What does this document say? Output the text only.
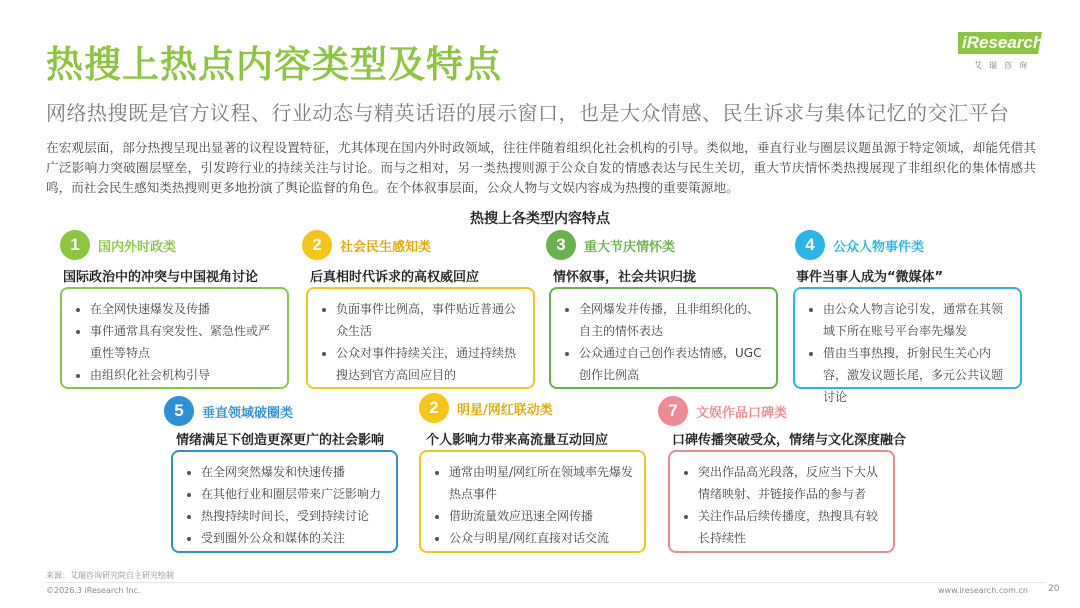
热搜上热点内容类型及特点
网络热搜既是官方议程、行业动态与精英话语的展示窗口，也是大众情感、民生诉求与集体记忆的交汇平台
iResearch
艾瑞咨询
在宏观层面，部分热搜呈现出显著的议程设置特征，尤其体现在国内外时政领域，往往伴随着组织化社会机构的引导。类似地，垂直行业与圈层议题虽源于特定领域，却能凭借其广泛影响力突破圈层壁垒，引发跨行业的持续关注与讨论。而与之相对，另一类热搜则源于公众自发的情感表达与民生关切，重大节庆情怀类热搜展现了非组织化的集体情感共鸣，而社会民生感知类热搜则更多地扮演了舆论监督的角色。在个体叙事层面，公众人物与文娱内容成为热搜的重要策源地。
热搜上各类型内容特点
1	国内外时政类
国际政治中的冲突与中国视角讨论
• 在全网快速爆发及传播
• 事件通常具有突发性、紧急性或严重性等特点
• 由组织化社会机构引导
2	社会民生感知类
后真相时代诉求的高权威回应
• 负面事件比例高，事件贴近普通公众生活
• 公众对事件持续关注，通过持续热搜达到官方高回应目的
3	重大节庆情怀类
情怀叙事，社会共识归拢
• 全网爆发并传播，且非组织化的、自主的情怀表达
• 公众通过自己创作表达情感，UGC创作比例高
4	公众人物事件类
事件当事人成为“微媒体”
• 由公众人物言论引发，通常在其领域下所在账号平台率先爆发
• 借由当事热搜，折射民生关心内容，激发议题长尾，多元公共议题讨论
5	垂直领域破圈类
情绪满足下创造更深更广的社会影响
• 在全网突然爆发和快速传播
• 在其他行业和圈层带来广泛影响力
• 热搜持续时间长，受到持续讨论
• 受到圈外公众和媒体的关注
2	明星/网红联动类
个人影响力带来高流量互动回应
• 通常由明星/网红所在领域率先爆发热点事件
• 借助流量效应迅速全网传播
• 公众与明星/网红直接对话交流
7	文娱作品口碑类
口碑传播突破受众，情绪与文化深度融合
• 突出作品高光段落，反应当下大从情绪映射、并链接作品的参与者
• 关注作品后续传播度，热搜具有较长持续性
来源：艾瑞咨询研究院自主研究绘制
©2026.3 iResearch Inc.	www.iresearch.com.cn 20
